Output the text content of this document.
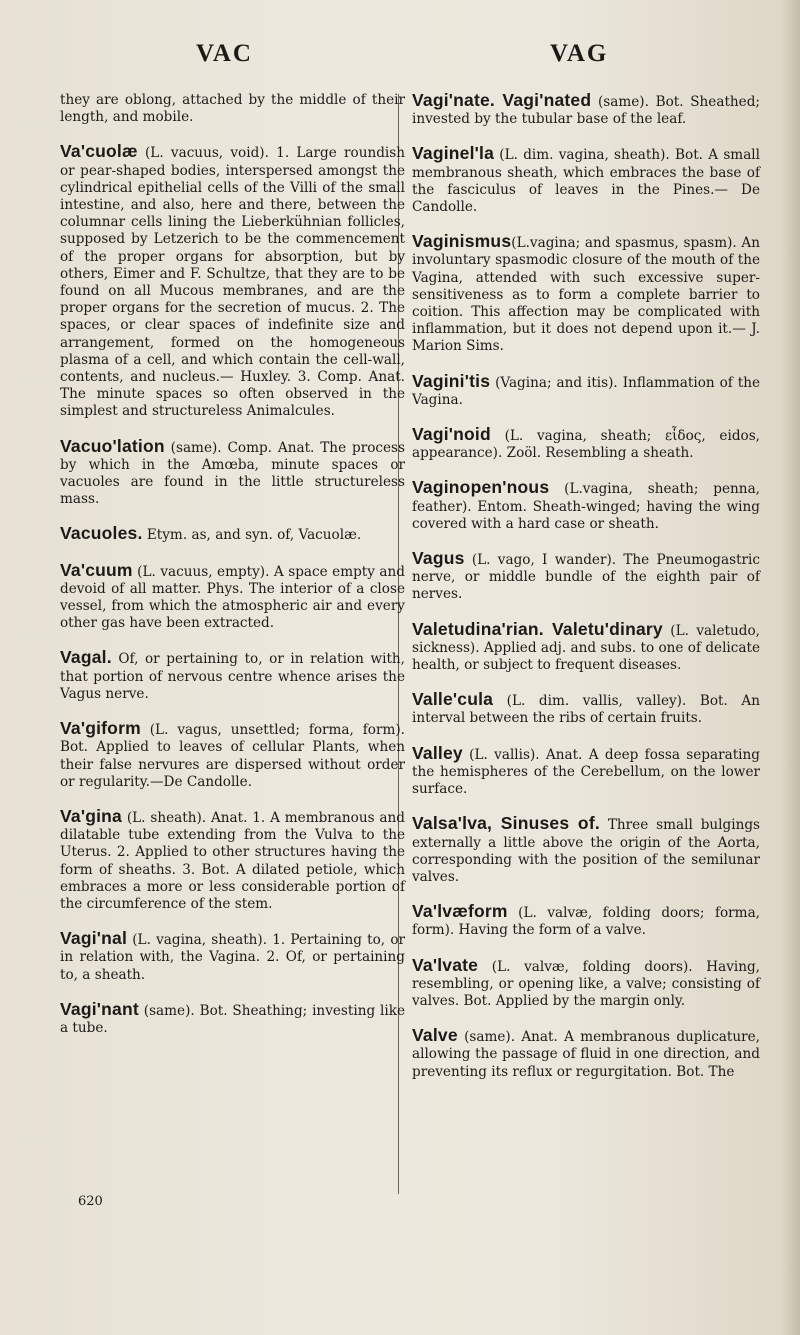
VAC	VAG
they are oblong, attached by the middle of their length, and mobile.
Va'cuolæ (L. vacuus, void). 1. Large roundish or pear-shaped bodies, interspersed amongst the cylindrical epithelial cells of the Villi of the small intestine, and also, here and there, between the columnar cells lining the Lieberkühnian follicles, supposed by Letzerich to be the commencement of the proper organs for absorption, but by others, Eimer and F. Schultze, that they are to be found on all Mucous membranes, and are the proper organs for the secretion of mucus. 2. The spaces, or clear spaces of indefinite size and arrangement, formed on the homogeneous plasma of a cell, and which contain the cell-wall, contents, and nucleus.— Huxley. 3. Comp. Anat. The minute spaces so often observed in the simplest and structureless Animalcules.
Vacuo'lation (same). Comp. Anat. The process by which in the Amœba, minute spaces or vacuoles are found in the little structureless mass.
Vacuoles. Etym. as, and syn. of, Vacuolæ.
Va'cuum (L. vacuus, empty). A space empty and devoid of all matter. Phys. The interior of a close vessel, from which the atmospheric air and every other gas have been extracted.
Vagal. Of, or pertaining to, or in relation with, that portion of nervous centre whence arises the Vagus nerve.
Va'giform (L. vagus, unsettled; forma, form). Bot. Applied to leaves of cellular Plants, when their false nervures are dispersed without order or regularity.—De Candolle.
Va'gina (L. sheath). Anat. 1. A membranous and dilatable tube extending from the Vulva to the Uterus. 2. Applied to other structures having the form of sheaths. 3. Bot. A dilated petiole, which embraces a more or less considerable portion of the circumference of the stem.
Vagi'nal (L. vagina, sheath). 1. Pertaining to, or in relation with, the Vagina. 2. Of, or pertaining to, a sheath.
Vagi'nant (same). Bot. Sheathing; investing like a tube.
Vagi'nate. Vagi'nated (same). Bot. Sheathed; invested by the tubular base of the leaf.
Vaginel'la (L. dim. vagina, sheath). Bot. A small membranous sheath, which embraces the base of the fasciculus of leaves in the Pines.— De Candolle.
Vaginismus(L.vagina; and spasmus, spasm). An involuntary spasmodic closure of the mouth of the Vagina, attended with such excessive super-sensitiveness as to form a complete barrier to coition. This affection may be complicated with inflammation, but it does not depend upon it.— J. Marion Sims.
Vagini'tis (Vagina; and itis). Inflammation of the Vagina.
Vagi'noid (L. vagina, sheath; εἶδος, eidos, appearance). Zoöl. Resembling a sheath.
Vaginopen'nous (L.vagina, sheath; penna, feather). Entom. Sheath-winged; having the wing covered with a hard case or sheath.
Vagus (L. vago, I wander). The Pneumogastric nerve, or middle bundle of the eighth pair of nerves.
Valetudina'rian. Valetu'dinary (L. valetudo, sickness). Applied adj. and subs. to one of delicate health, or subject to frequent diseases.
Valle'cula (L. dim. vallis, valley). Bot. An interval between the ribs of certain fruits.
Valley (L. vallis). Anat. A deep fossa separating the hemispheres of the Cerebellum, on the lower surface.
Valsa'lva, Sinuses of. Three small bulgings externally a little above the origin of the Aorta, corresponding with the position of the semilunar valves.
Va'lvæform (L. valvæ, folding doors; forma, form). Having the form of a valve.
Va'lvate (L. valvæ, folding doors). Having, resembling, or opening like, a valve; consisting of valves. Bot. Applied by the margin only.
Valve (same). Anat. A membranous duplicature, allowing the passage of fluid in one direction, and preventing its reflux or regurgitation. Bot. The
620
